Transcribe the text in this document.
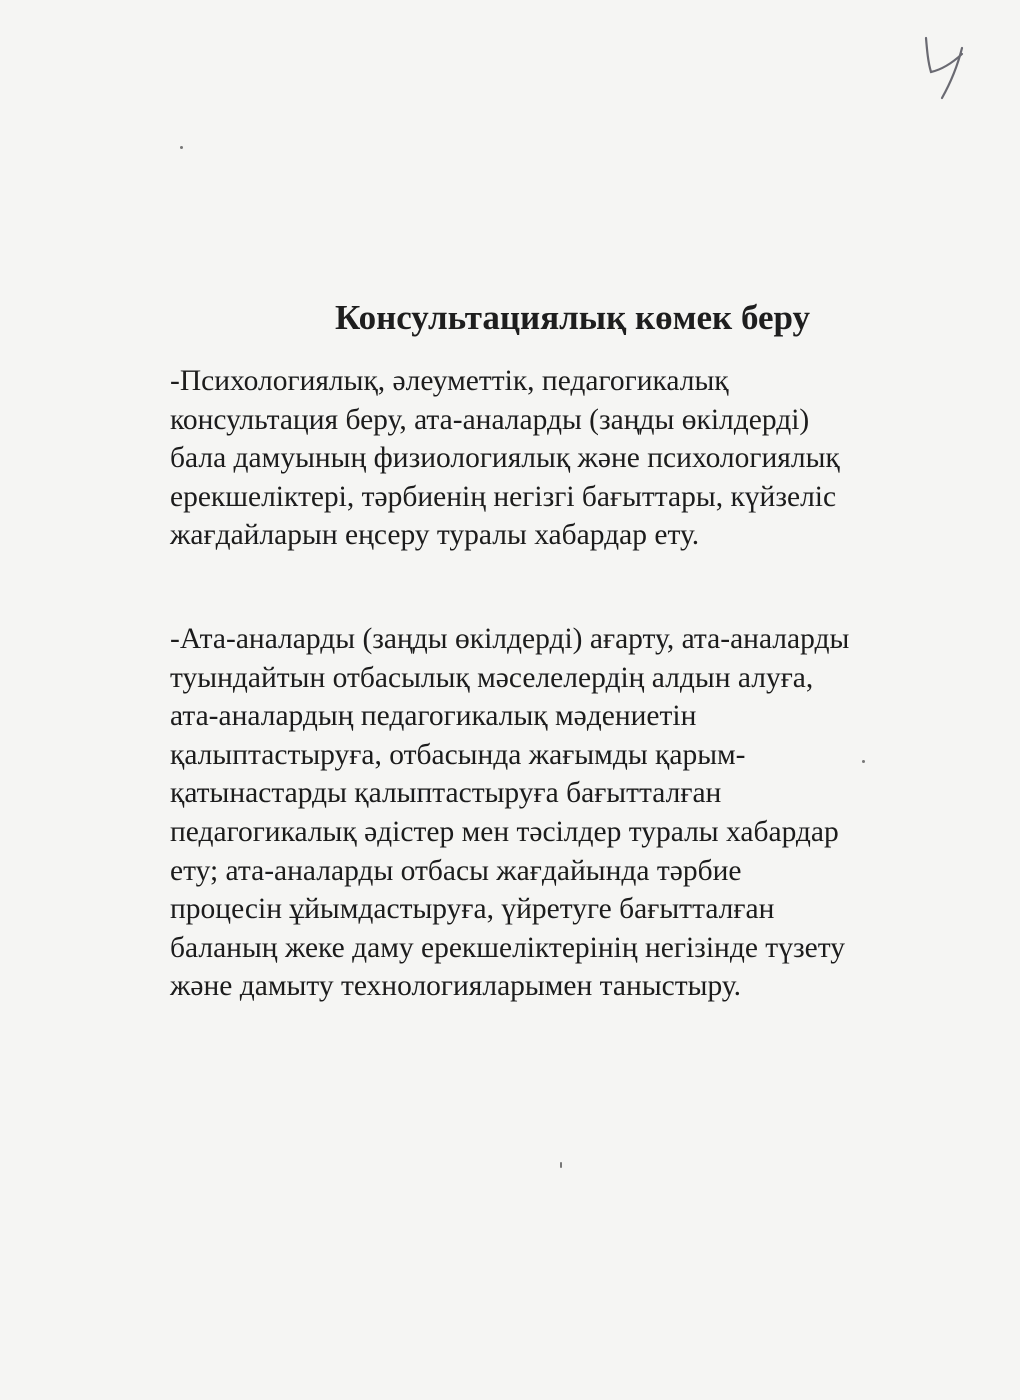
Консультациялық көмек беру
-Психологиялық, әлеуметтік, педагогикалық
консультация беру, ата-аналарды (заңды өкілдерді)
бала дамуының физиологиялық және психологиялық
ерекшеліктері, тәрбиенің негізгі бағыттары, күйзеліс
жағдайларын еңсеру туралы хабардар ету.
-Ата-аналарды (заңды өкілдерді) ағарту, ата-аналарды
туындайтын отбасылық мәселелердің алдын алуға,
ата-аналардың педагогикалық мәдениетін
қалыптастыруға, отбасында жағымды қарым-
қатынастарды қалыптастыруға бағытталған
педагогикалық әдістер мен тәсілдер туралы хабардар
ету; ата-аналарды отбасы жағдайында тәрбие
процесін ұйымдастыруға, үйретуге бағытталған
баланың жеке даму ерекшеліктерінің негізінде түзету
және дамыту технологияларымен таныстыру.
